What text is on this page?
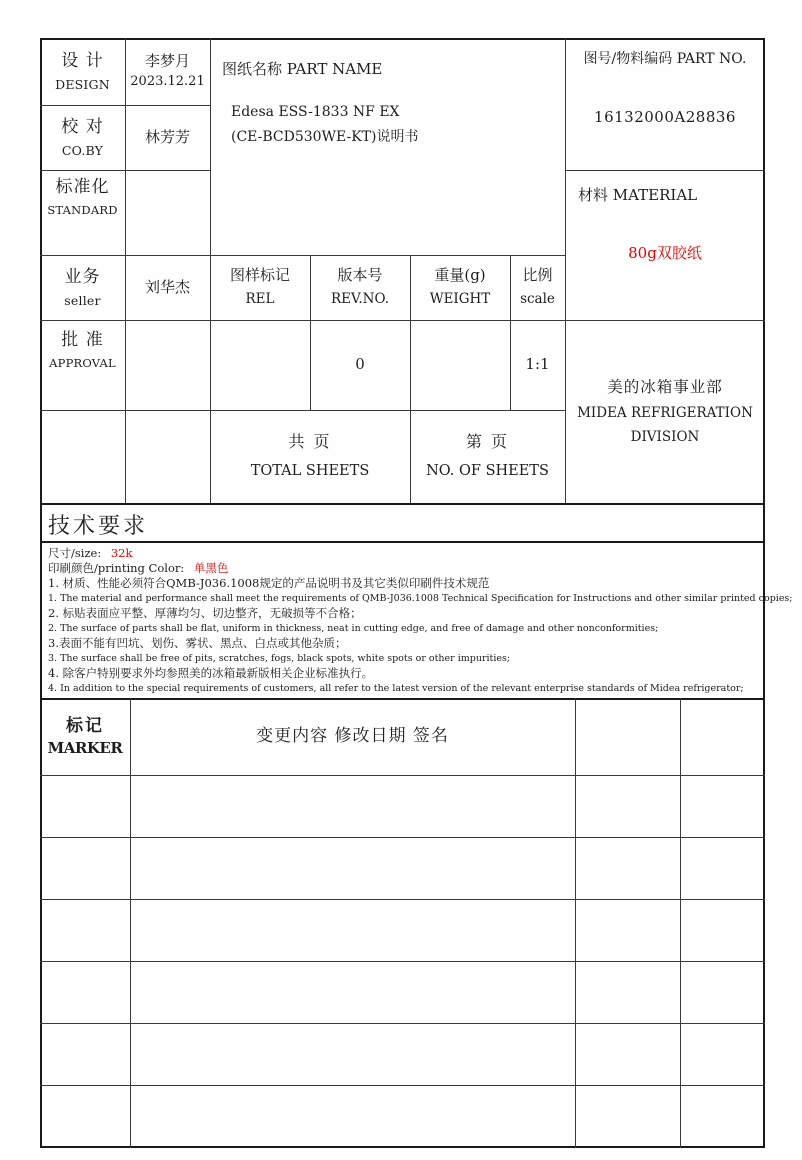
设 计
DESIGN
李梦月
2023.12.21
校 对
CO.BY
林芳芳
标准化
STANDARD
业务
seller
刘华杰
批 准
APPROVAL
图纸名称 PART NAME
Edesa ESS-1833 NF EX
(CE-BCD530WE-KT)说明书
图号/物料编码 PART NO.
16132000A28836
材料 MATERIAL
80g双胶纸
图样标记
REL
版本号
REV.NO.
重量(g)
WEIGHT
比例
scale
0	1:1
美的冰箱事业部
MIDEA REFRIGERATION
DIVISION
共 页
TOTAL SHEETS
第 页
NO. OF SHEETS
技术要求
尺寸/size: 32k
印刷颜色/printing Color: 单黑色
1. 材质、性能必须符合QMB-J036.1008规定的产品说明书及其它类似印刷件技术规范
1. The material and performance shall meet the requirements of QMB-J036.1008 Technical Specification for Instructions and other similar printed copies;
2. 标贴表面应平整、厚薄均匀、切边整齐，无破损等不合格；
2. The surface of parts shall be flat, uniform in thickness, neat in cutting edge, and free of damage and other nonconformities;
3.表面不能有凹坑、划伤、雾状、黑点、白点或其他杂质；
3. The surface shall be free of pits, scratches, fogs, black spots, white spots or other impurities;
4. 除客户特别要求外均参照美的冰箱最新版相关企业标准执行。
4. In addition to the special requirements of customers, all refer to the latest version of the relevant enterprise standards of Midea refrigerator;
标记
MARKER
变更内容 修改日期 签名
